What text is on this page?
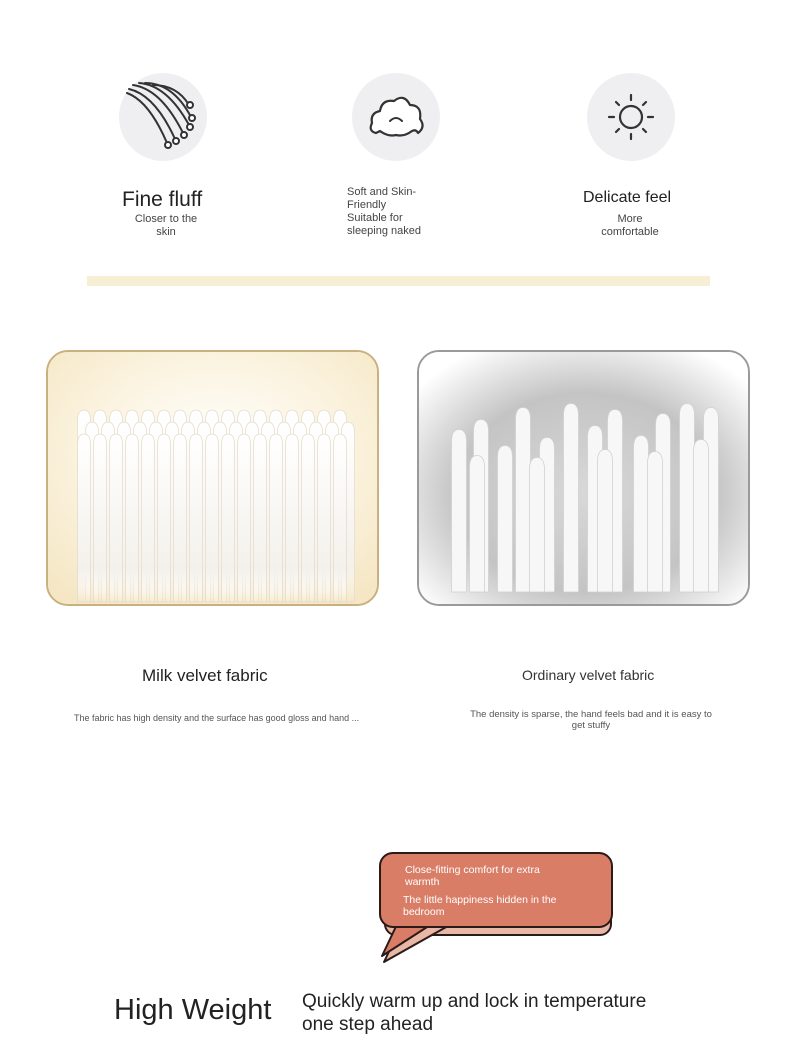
Fine fluff
Closer to the
skin
Soft and Skin-
Friendly
Suitable for
sleeping naked
Delicate feel
More
comfortable
Milk velvet fabric
The fabric has high density and the surface has good gloss and hand ...
Ordinary velvet fabric
The density is sparse, the hand feels bad and it is easy to
get stuffy
Close-fitting comfort for extra
warmth
The little happiness hidden in the
bedroom
High Weight Quickly warm up and lock in temperature
one step ahead
